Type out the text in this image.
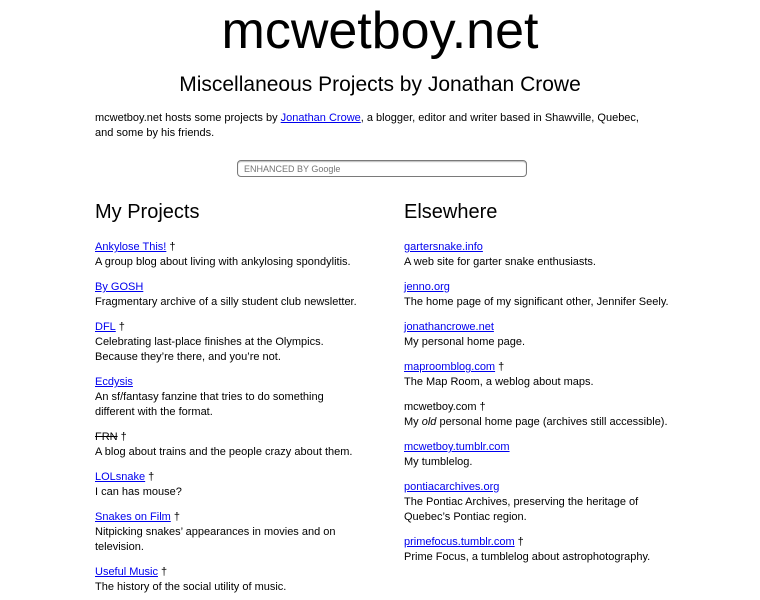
mcwetboy.net
Miscellaneous Projects by Jonathan Crowe

mcwetboy.net hosts some projects by Jonathan Crowe, a blogger, editor and writer based in Shawville, Quebec, and some by his friends.

ENHANCED BY Google
My Projects
Ankylose This! †
A group blog about living with ankylosing spondylitis.
By GOSH
Fragmentary archive of a silly student club newsletter.
DFL †
Celebrating last-place finishes at the Olympics. Because they’re there, and you’re not.
Ecdysis
An sf/fantasy fanzine that tries to do something different with the format.
FRN †
A blog about trains and the people crazy about them.
LOLsnake †
I can has mouse?
Snakes on Film †
Nitpicking snakes’ appearances in movies and on television.
Useful Music †
The history of the social utility of music.
Elsewhere
gartersnake.info
A web site for garter snake enthusiasts.
jenno.org
The home page of my significant other, Jennifer Seely.
jonathancrowe.net
My personal home page.
maproomblog.com †
The Map Room, a weblog about maps.
mcwetboy.com †
My old personal home page (archives still accessible).
mcwetboy.tumblr.com
My tumblelog.
pontiacarchives.org
The Pontiac Archives, preserving the heritage of Quebec’s Pontiac region.
primefocus.tumblr.com †
Prime Focus, a tumblelog about astrophotography.
